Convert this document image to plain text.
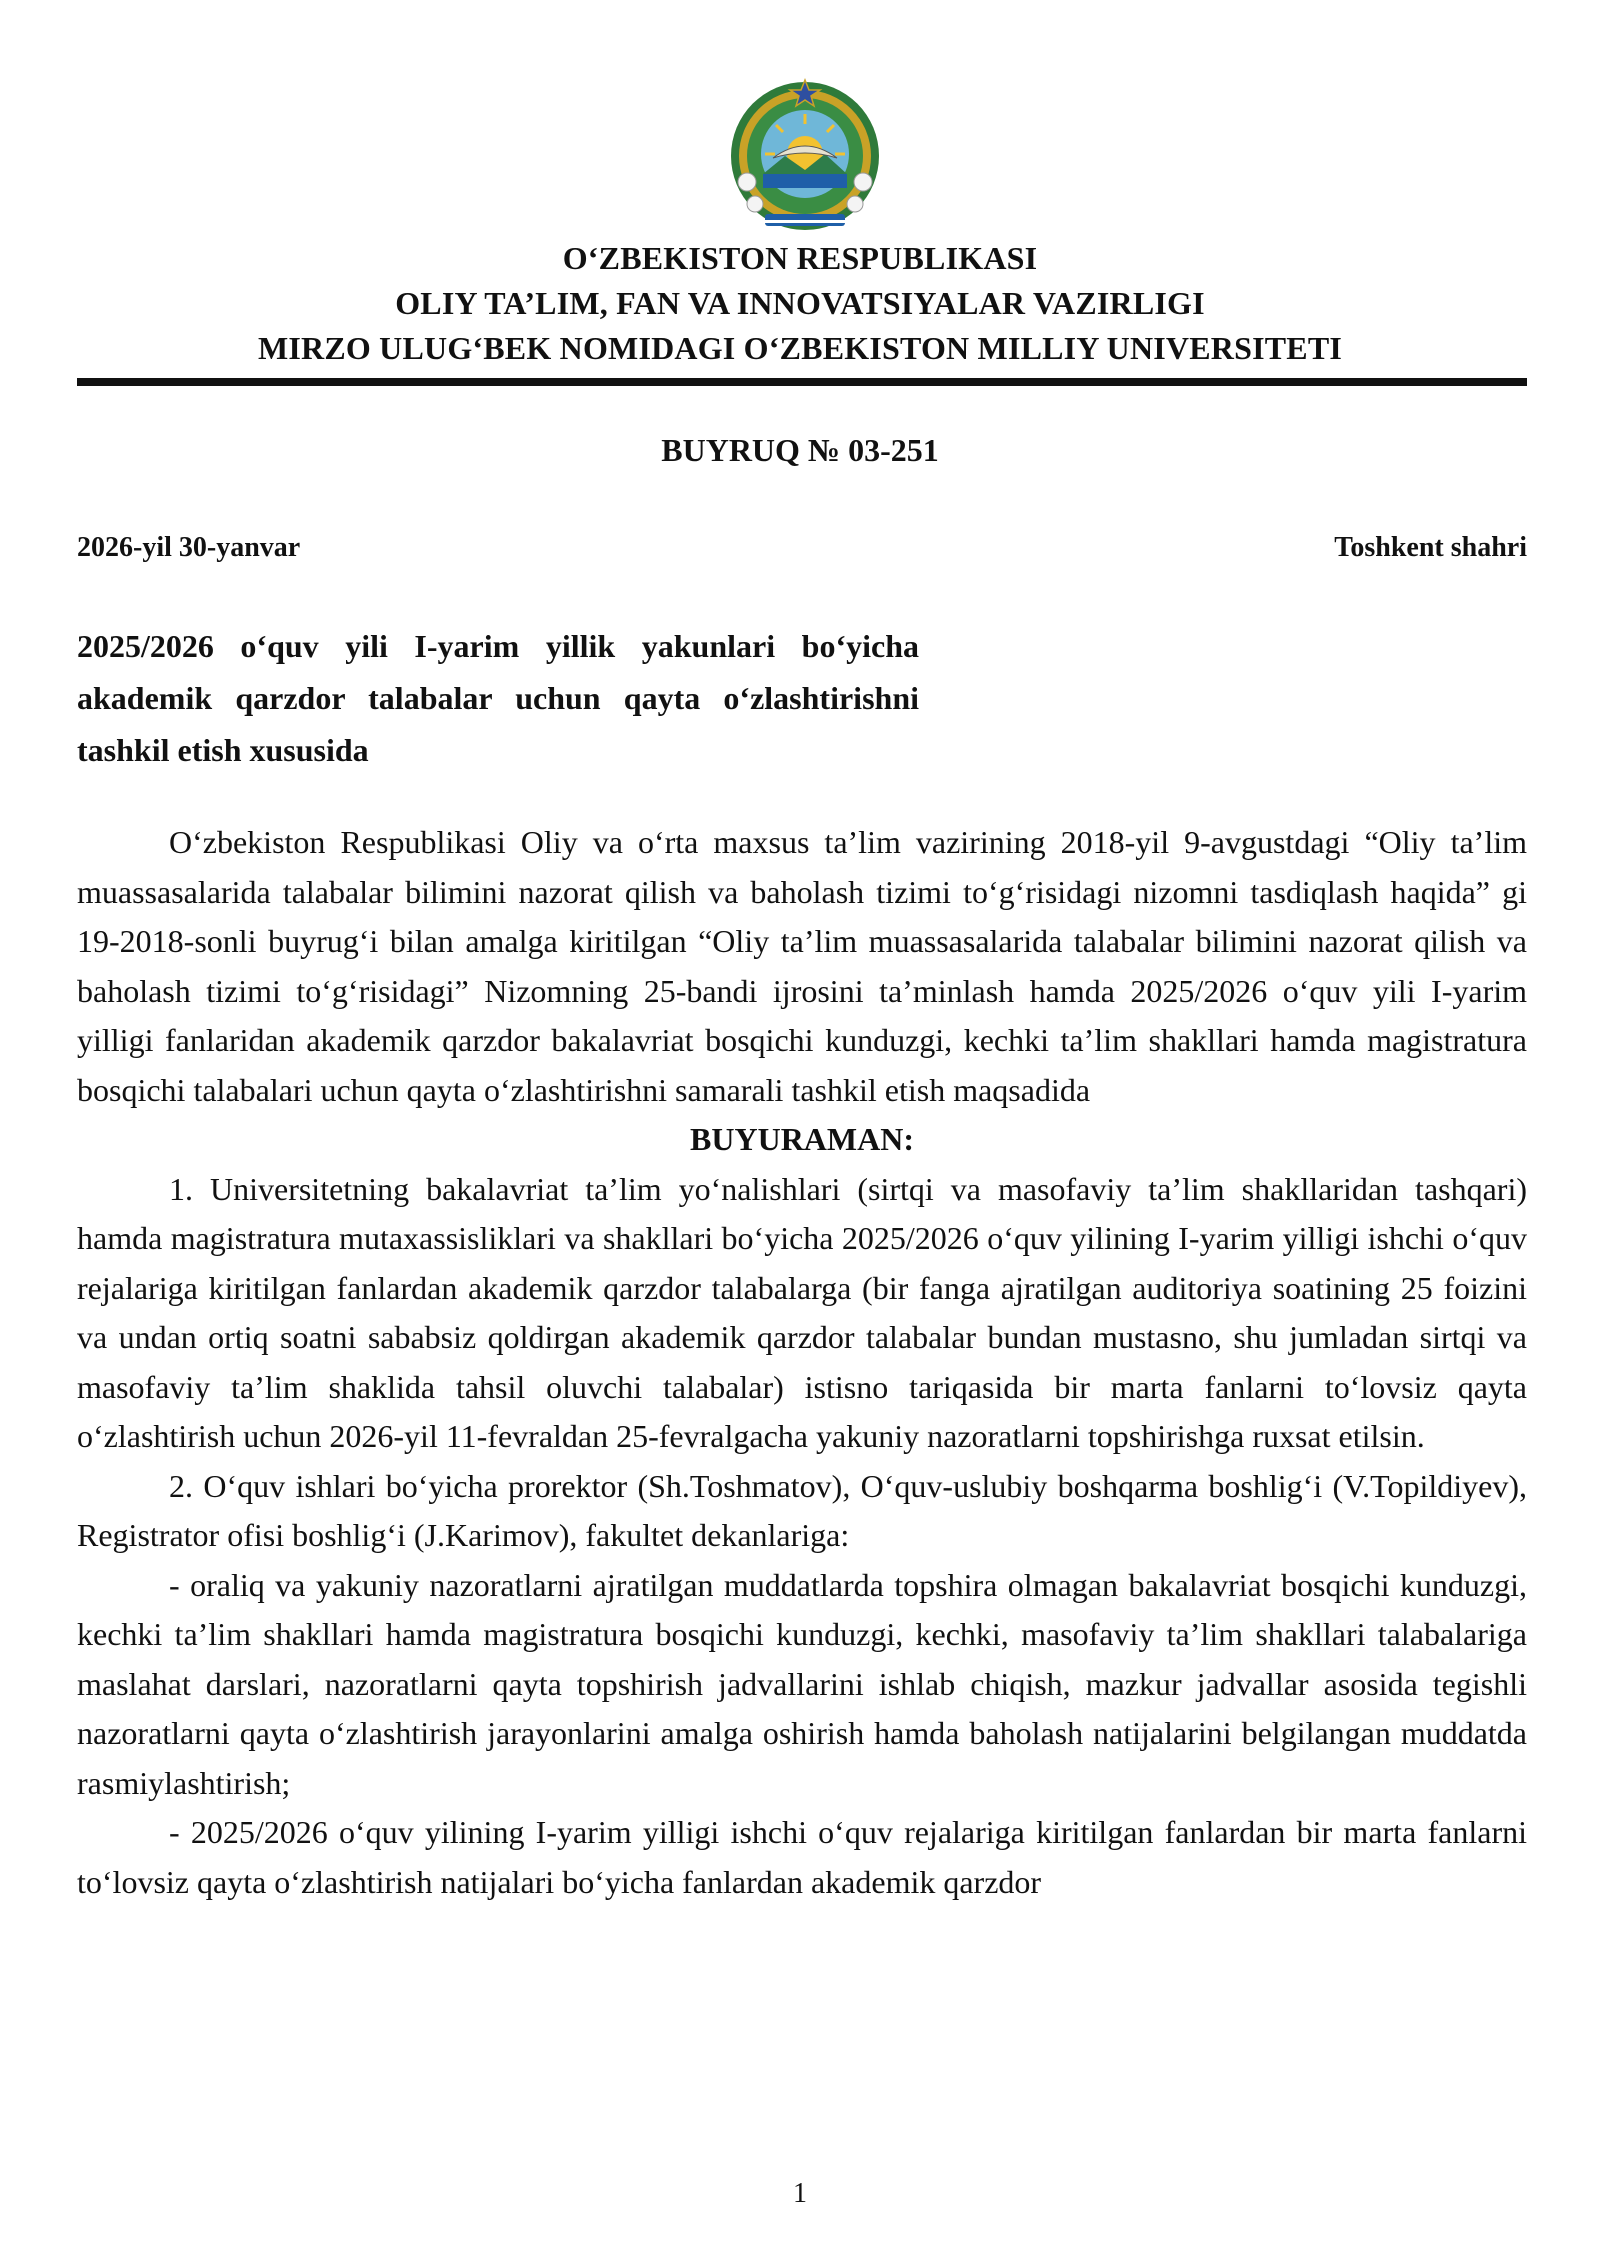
O‘ZBEKISTON RESPUBLIKASI
OLIY TA’LIM, FAN VA INNOVATSIYALAR VAZIRLIGI
MIRZO ULUG‘BEK NOMIDAGI O‘ZBEKISTON MILLIY UNIVERSITETI
BUYRUQ № 03-251
2026-yil 30-yanvar	Toshkent shahri
2025/2026 o‘quv yili I-yarim yillik yakunlari bo‘yicha akademik qarzdor talabalar uchun qayta o‘zlashtirishni tashkil etish xususida

O‘zbekiston Respublikasi Oliy va o‘rta maxsus ta’lim vazirining 2018-yil 9-avgustdagi “Oliy ta’lim muassasalarida talabalar bilimini nazorat qilish va baholash tizimi to‘g‘risidagi nizomni tasdiqlash haqida” gi 19-2018-sonli buyrug‘i bilan amalga kiritilgan “Oliy ta’lim muassasalarida talabalar bilimini nazorat qilish va baholash tizimi to‘g‘risidagi” Nizomning 25-bandi ijrosini ta’minlash hamda 2025/2026 o‘quv yili I-yarim yilligi fanlaridan akademik qarzdor bakalavriat bosqichi kunduzgi, kechki ta’lim shakllari hamda magistratura bosqichi talabalari uchun qayta o‘zlashtirishni samarali tashkil etish maqsadida

BUYURAMAN:

1. Universitetning bakalavriat ta’lim yo‘nalishlari (sirtqi va masofaviy ta’lim shakllaridan tashqari) hamda magistratura mutaxassisliklari va shakllari bo‘yicha 2025/2026 o‘quv yilining I-yarim yilligi ishchi o‘quv rejalariga kiritilgan fanlardan akademik qarzdor talabalarga (bir fanga ajratilgan auditoriya soatining 25 foizini va undan ortiq soatni sababsiz qoldirgan akademik qarzdor talabalar bundan mustasno, shu jumladan sirtqi va masofaviy ta’lim shaklida tahsil oluvchi talabalar) istisno tariqasida bir marta fanlarni to‘lovsiz qayta o‘zlashtirish uchun 2026-yil 11-fevraldan 25-fevralgacha yakuniy nazoratlarni topshirishga ruxsat etilsin.

2. O‘quv ishlari bo‘yicha prorektor (Sh.Toshmatov), O‘quv-uslubiy boshqarma boshlig‘i (V.Topildiyev), Registrator ofisi boshlig‘i (J.Karimov), fakultet dekanlariga:

- oraliq va yakuniy nazoratlarni ajratilgan muddatlarda topshira olmagan bakalavriat bosqichi kunduzgi, kechki ta’lim shakllari hamda magistratura bosqichi kunduzgi, kechki, masofaviy ta’lim shakllari talabalariga maslahat darslari, nazoratlarni qayta topshirish jadvallarini ishlab chiqish, mazkur jadvallar asosida tegishli nazoratlarni qayta o‘zlashtirish jarayonlarini amalga oshirish hamda baholash natijalarini belgilangan muddatda rasmiylashtirish;

- 2025/2026 o‘quv yilining I-yarim yilligi ishchi o‘quv rejalariga kiritilgan fanlardan bir marta fanlarni to‘lovsiz qayta o‘zlashtirish natijalari bo‘yicha fanlardan akademik qarzdor

1
